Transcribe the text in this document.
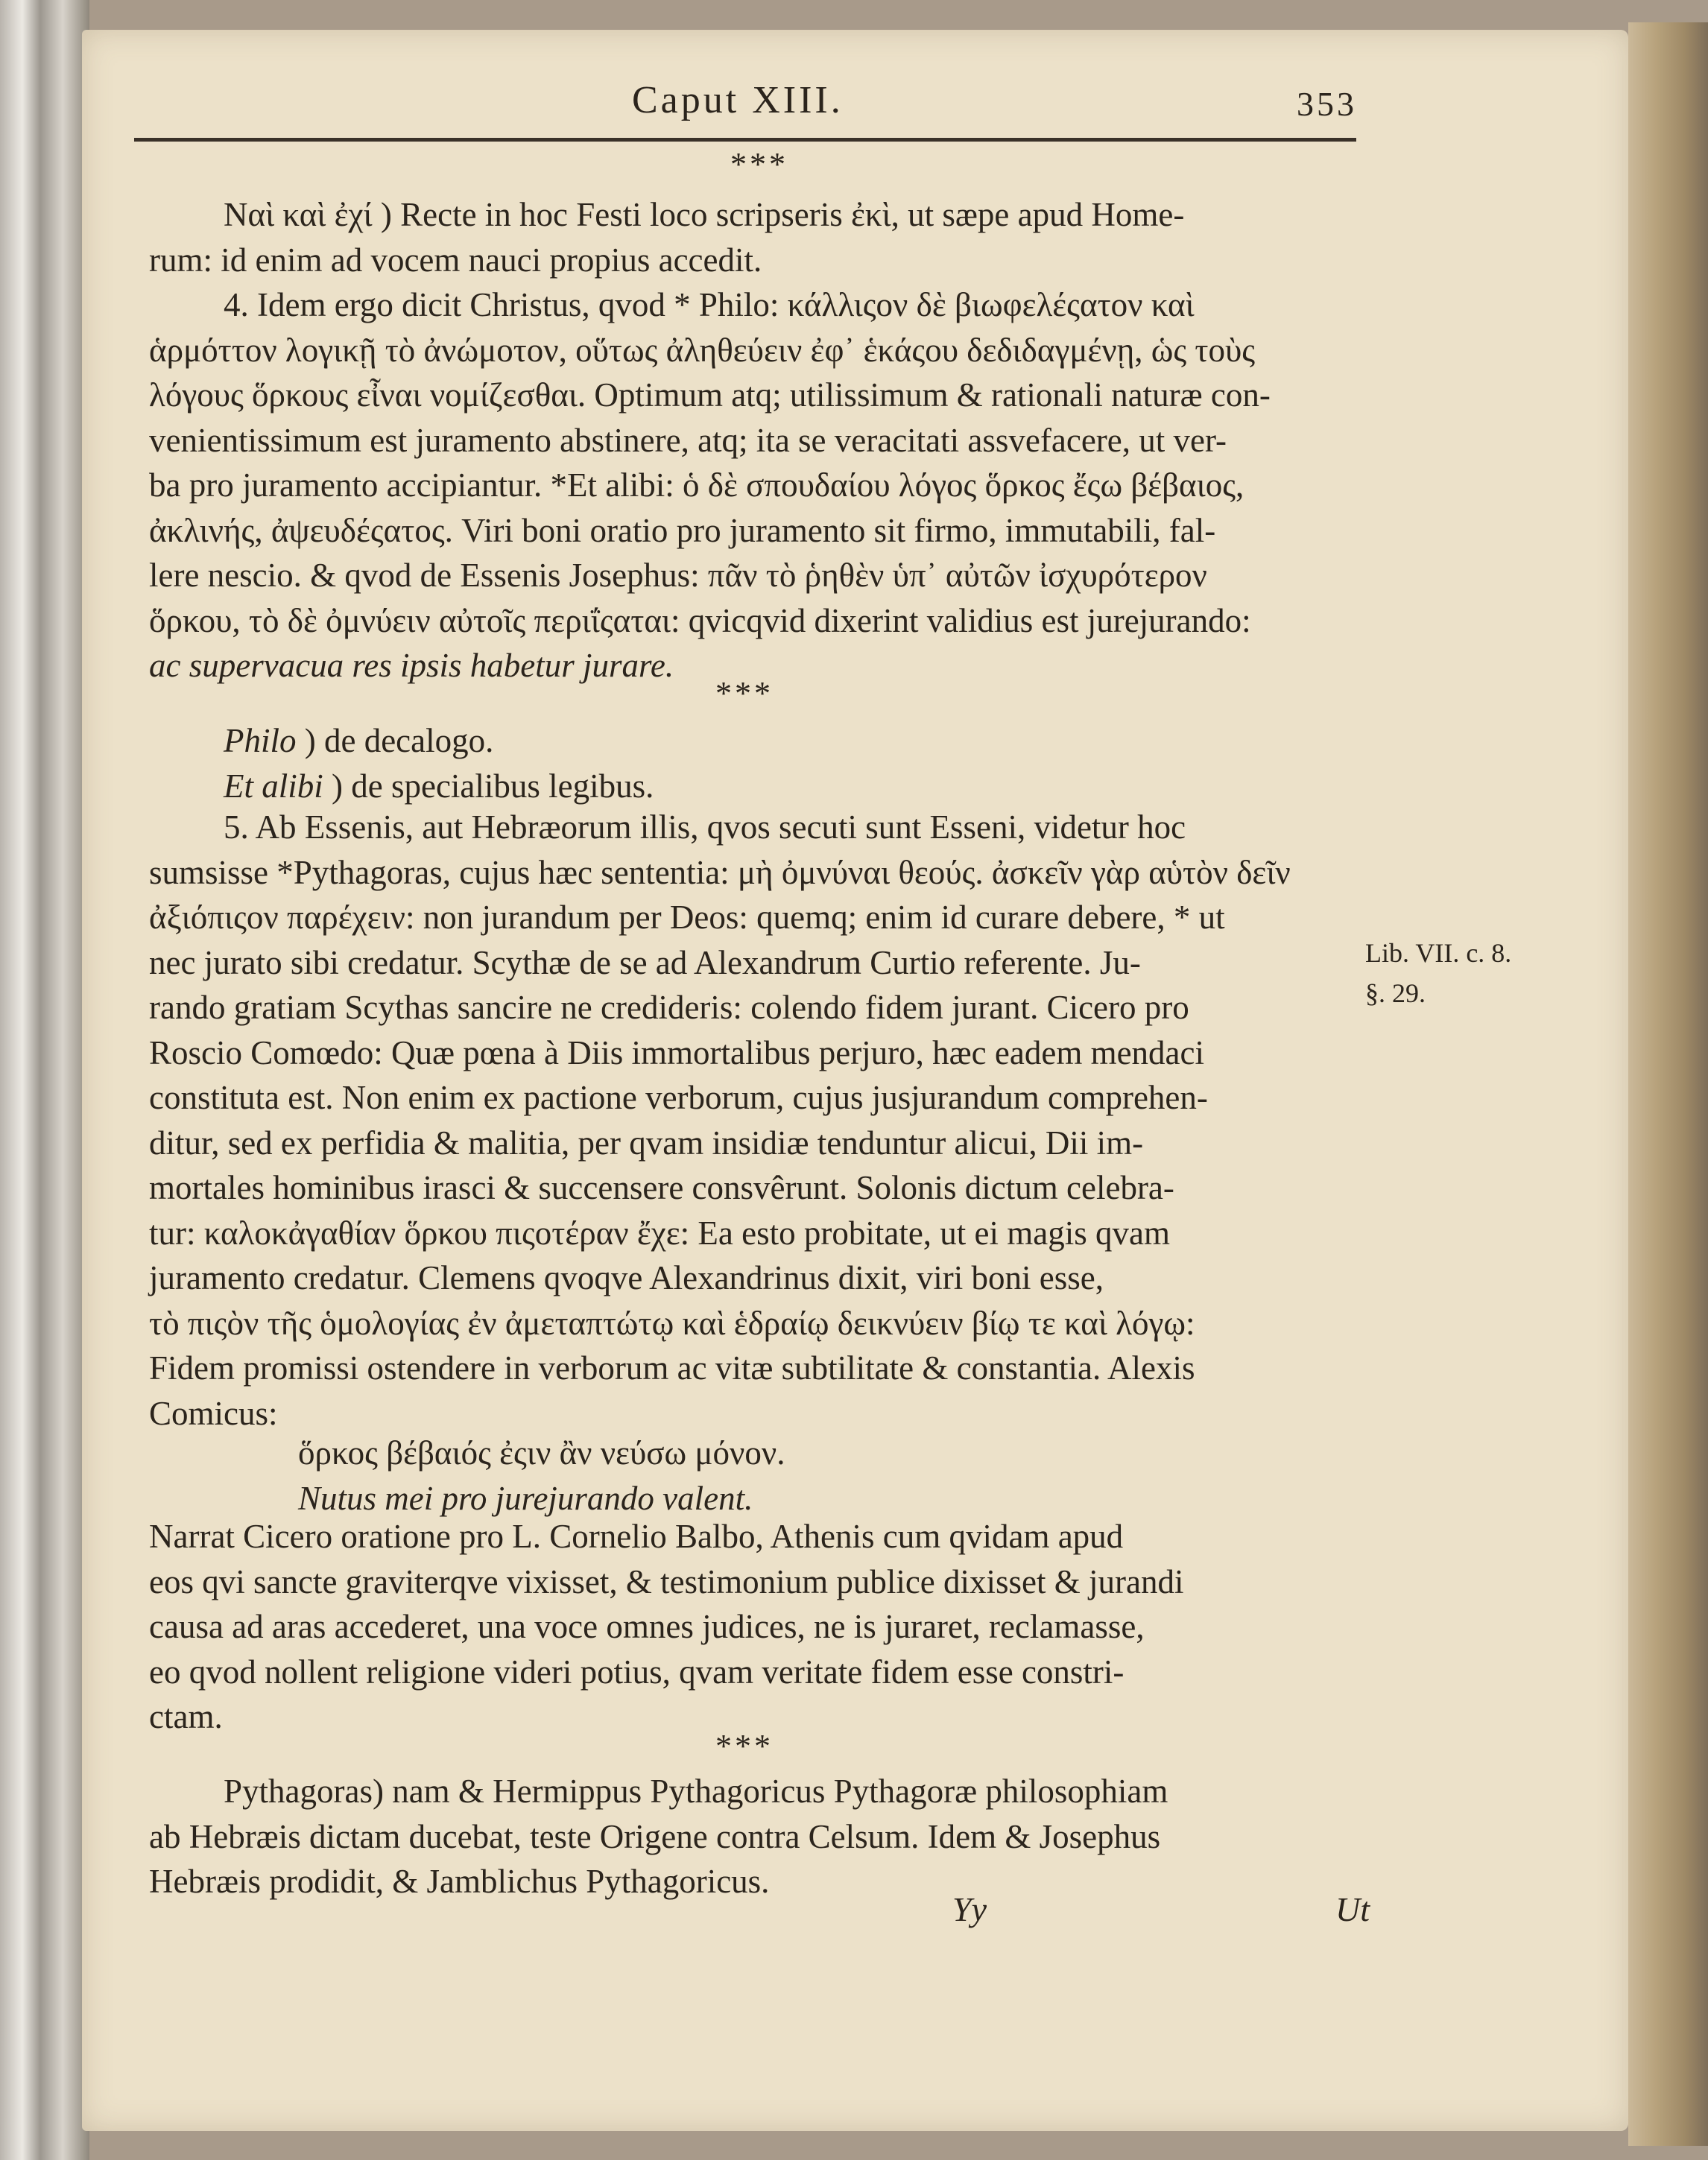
Caput XIII.	353
***

Ναὶ καὶ ἐχί ) Recte in hoc Festi loco scripseris ἐκὶ, ut sæpe apud Home-

rum: id enim ad vocem nauci propius accedit.

4. Idem ergo dicit Christus, qvod * Philo: κάλλιςον δὲ βιωφελέςατον καὶ

ἁρμόττον λογικῇ τὸ ἀνώμοτον, οὕτως ἀληθεύειν ἐφ᾽ ἑκάςου δεδιδαγμένῃ, ὡς τοὺς

λόγους ὅρκους εἶναι νομίζεσθαι. Optimum atq; utilissimum & rationali naturæ con-

venientissimum est juramento abstinere, atq; ita se veracitati assvefacere, ut ver-

ba pro juramento accipiantur. *Et alibi: ὁ δὲ σπουδαίου λόγος ὅρκος ἔςω βέβαιος,

ἀκλινής, ἀψευδέςατος. Viri boni oratio pro juramento sit firmo, immutabili, fal-

lere nescio. & qvod de Essenis Josephus: πᾶν τὸ ῥηθὲν ὑπ᾽ αὐτῶν ἰσχυρότερον

ὅρκου, τὸ δὲ ὀμνύειν αὐτοῖς περιΐςαται: qvicqvid dixerint validius est jurejurando:

ac supervacua res ipsis habetur jurare.

***

Philo ) de decalogo.

Et alibi ) de specialibus legibus.

5. Ab Essenis, aut Hebræorum illis, qvos secuti sunt Esseni, videtur hoc

sumsisse *Pythagoras, cujus hæc sententia: μὴ ὀμνύναι θεούς. ἀσκεῖν γὰρ αὑτὸν δεῖν

ἀξιόπιςον παρέχειν: non jurandum per Deos: quemq; enim id curare debere, * ut

nec jurato sibi credatur. Scythæ de se ad Alexandrum Curtio referente. Ju-

rando gratiam Scythas sancire ne credideris: colendo fidem jurant. Cicero pro

Roscio Comœdo: Quæ pœna à Diis immortalibus perjuro, hæc eadem mendaci

constituta est. Non enim ex pactione verborum, cujus jusjurandum comprehen-

ditur, sed ex perfidia & malitia, per qvam insidiæ tenduntur alicui, Dii im-

mortales hominibus irasci & succensere consvêrunt. Solonis dictum celebra-

tur: καλοκἀγαθίαν ὅρκου πιςοτέραν ἔχε: Ea esto probitate, ut ei magis qvam

juramento credatur. Clemens qvoqve Alexandrinus dixit, viri boni esse,

τὸ πιςὸν τῆς ὁμολογίας ἐν ἀμεταπτώτῳ καὶ ἑδραίῳ δεικνύειν βίῳ τε καὶ λόγῳ:

Fidem promissi ostendere in verborum ac vitæ subtilitate & constantia. Alexis

Comicus:

ὅρκος βέβαιός ἐςιν ἂν νεύσω μόνον.

Nutus mei pro jurejurando valent.

Narrat Cicero oratione pro L. Cornelio Balbo, Athenis cum qvidam apud

eos qvi sancte graviterqve vixisset, & testimonium publice dixisset & jurandi

causa ad aras accederet, una voce omnes judices, ne is juraret, reclamasse,

eo qvod nollent religione videri potius, qvam veritate fidem esse constri-

ctam.

***

Pythagoras) nam & Hermippus Pythagoricus Pythagoræ philosophiam

ab Hebræis dictam ducebat, teste Origene contra Celsum. Idem & Josephus

Hebræis prodidit, & Jamblichus Pythagoricus.

Lib. VII. c. 8.
§. 29.
Yy	Ut
